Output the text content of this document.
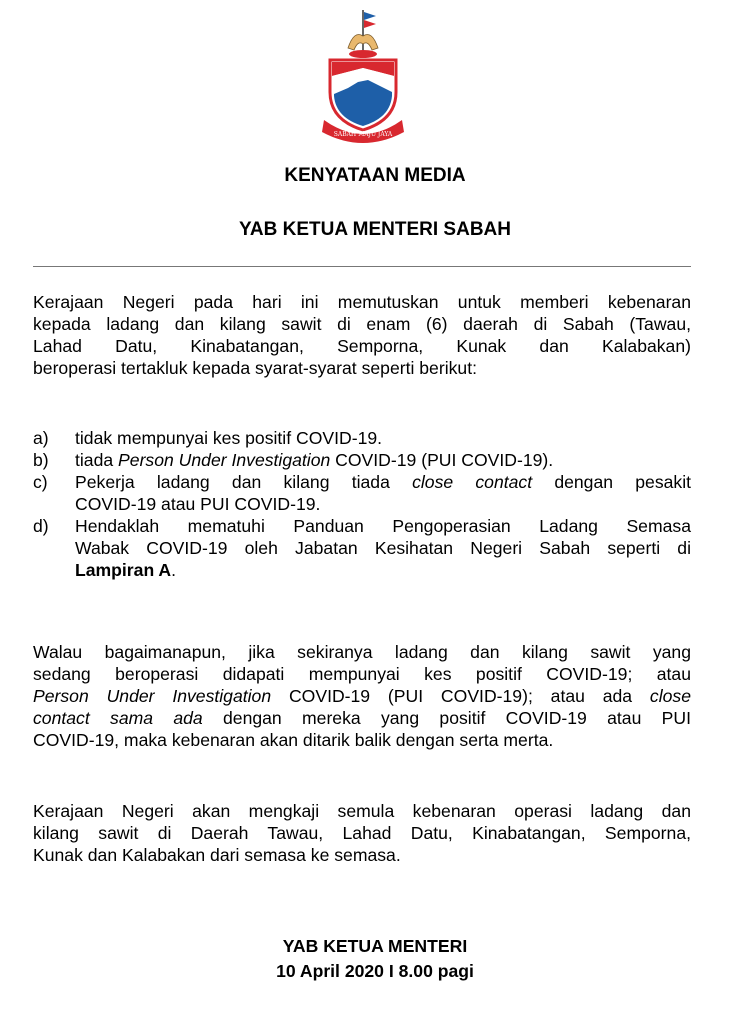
SABAH MAJU JAYA
KENYATAAN MEDIA
YAB KETUA MENTERI SABAH
Kerajaan Negeri pada hari ini memutuskan untuk memberi kebenaran
kepada ladang dan kilang sawit di enam (6) daerah di Sabah (Tawau,
Lahad Datu, Kinabatangan, Semporna, Kunak dan Kalabakan)
beroperasi tertakluk kepada syarat-syarat seperti berikut:
a) tidak mempunyai kes positif COVID-19.
b) tiada Person Under Investigation COVID-19 (PUI COVID-19).
c) Pekerja ladang dan kilang tiada close contact dengan pesakit
COVID-19 atau PUI COVID-19.
d) Hendaklah mematuhi Panduan Pengoperasian Ladang Semasa
Wabak COVID-19 oleh Jabatan Kesihatan Negeri Sabah seperti di
Lampiran A.
Walau bagaimanapun, jika sekiranya ladang dan kilang sawit yang
sedang beroperasi didapati mempunyai kes positif COVID-19; atau
Person Under Investigation COVID-19 (PUI COVID-19); atau ada close
contact sama ada dengan mereka yang positif COVID-19 atau PUI
COVID-19, maka kebenaran akan ditarik balik dengan serta merta.
Kerajaan Negeri akan mengkaji semula kebenaran operasi ladang dan
kilang sawit di Daerah Tawau, Lahad Datu, Kinabatangan, Semporna,
Kunak dan Kalabakan dari semasa ke semasa.
YAB KETUA MENTERI
10 April 2020 I 8.00 pagi
